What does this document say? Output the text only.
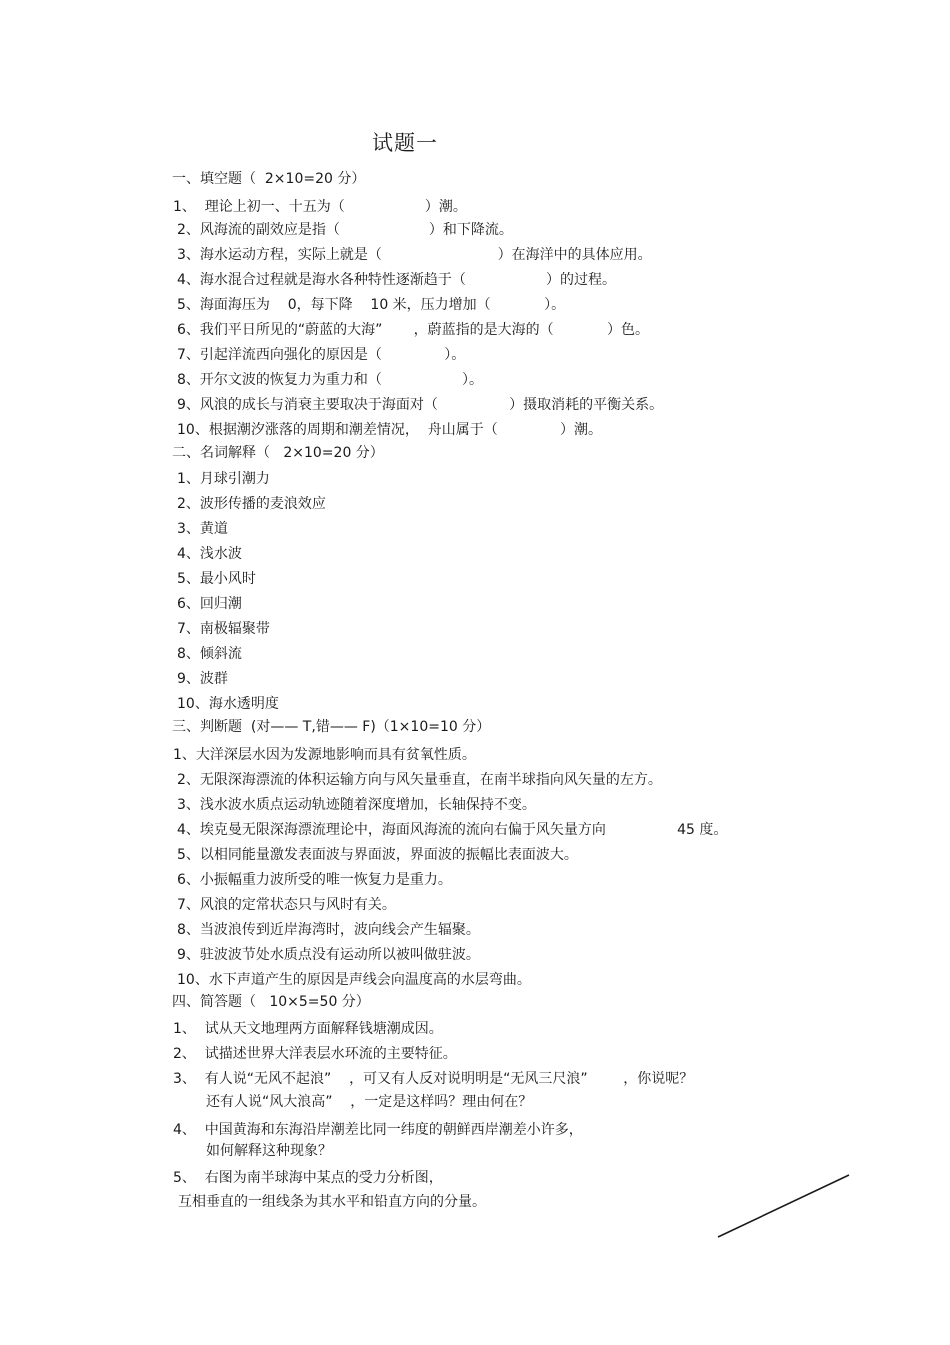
试题一
一、填空题（  2×10=20 分）
1、  理论上初一、十五为（                  ）潮。
2、风海流的副效应是指（                    ）和下降流。
3、海水运动方程，实际上就是（                          ）在海洋中的具体应用。
4、海水混合过程就是海水各种特性逐渐趋于（                  ）的过程。
5、海面海压为    0，每下降    10 米，压力增加（            ）。
6、我们平日所见的“蔚蓝的大海”       ，蔚蓝指的是大海的（            ）色。
7、引起洋流西向强化的原因是（              ）。
8、开尔文波的恢复力为重力和（                  ）。
9、风浪的成长与消衰主要取决于海面对（                ）摄取消耗的平衡关系。
10、根据潮汐涨落的周期和潮差情况，  舟山属于（              ）潮。
二、名词解释（   2×10=20 分）
1、月球引潮力
2、波形传播的麦浪效应
3、黄道
4、浅水波
5、最小风时
6、回归潮
7、南极辐聚带
8、倾斜流
9、波群
10、海水透明度
三、判断题  (对—— T,错—— F)（1×10=10 分）
1、大洋深层水因为发源地影响而具有贫氧性质。
2、无限深海漂流的体积运输方向与风矢量垂直，在南半球指向风矢量的左方。
3、浅水波水质点运动轨迹随着深度增加，长轴保持不变。
4、埃克曼无限深海漂流理论中，海面风海流的流向右偏于风矢量方向                45 度。
5、以相同能量激发表面波与界面波，界面波的振幅比表面波大。
6、小振幅重力波所受的唯一恢复力是重力。
7、风浪的定常状态只与风时有关。
8、当波浪传到近岸海湾时，波向线会产生辐聚。
9、驻波波节处水质点没有运动所以被叫做驻波。
10、水下声道产生的原因是声线会向温度高的水层弯曲。
四、简答题（   10×5=50 分）
1、  试从天文地理两方面解释钱塘潮成因。
2、  试描述世界大洋表层水环流的主要特征。
3、  有人说“无风不起浪”    ，可又有人反对说明明是“无风三尺浪”        ，你说呢？
还有人说“风大浪高”    ，一定是这样吗？理由何在？
4、  中国黄海和东海沿岸潮差比同一纬度的朝鲜西岸潮差小许多，
如何解释这种现象？
5、  右图为南半球海中某点的受力分析图，
互相垂直的一组线条为其水平和铅直方向的分量。
